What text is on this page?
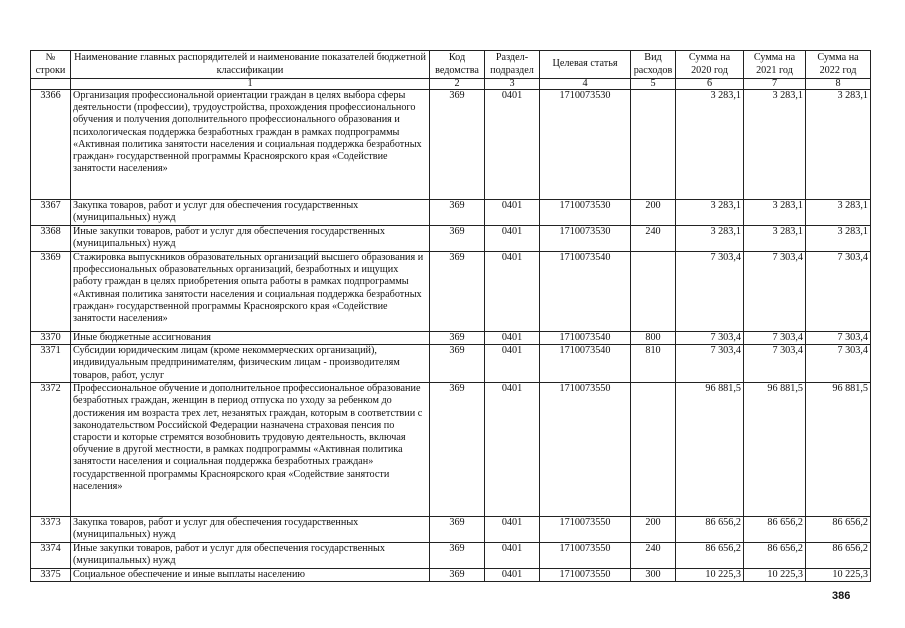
№ строки	Наименование главных распорядителей и наименование показателей бюджетной классификации	Код ведомства	Раздел-подраздел	Целевая статья	Вид расходов	Сумма на 2020 год	Сумма на 2021 год	Сумма на 2022 год
	1	2	3	4	5	6	7	8
3366	Организация профессиональной ориентации граждан в целях выбора сферы деятельности (профессии), трудоустройства, прохождения профессионального обучения и получения дополнительного профессионального образования и психологическая поддержка безработных граждан в рамках подпрограммы «Активная политика занятости населения и социальная поддержка безработных граждан» государственной программы Красноярского края «Содействие занятости населения»	369	0401	1710073530		3 283,1	3 283,1	3 283,1
3367	Закупка товаров, работ и услуг для обеспечения государственных (муниципальных) нужд	369	0401	1710073530	200	3 283,1	3 283,1	3 283,1
3368	Иные закупки товаров, работ и услуг для обеспечения государственных (муниципальных) нужд	369	0401	1710073530	240	3 283,1	3 283,1	3 283,1
3369	Стажировка выпускников образовательных организаций высшего образования и профессиональных образовательных организаций, безработных и ищущих работу граждан в целях приобретения опыта работы в рамках подпрограммы «Активная политика занятости населения и социальная поддержка безработных граждан» государственной программы Красноярского края «Содействие занятости населения»	369	0401	1710073540		7 303,4	7 303,4	7 303,4
3370	Иные бюджетные ассигнования	369	0401	1710073540	800	7 303,4	7 303,4	7 303,4
3371	Субсидии юридическим лицам (кроме некоммерческих организаций), индивидуальным предпринимателям, физическим лицам - производителям товаров, работ, услуг	369	0401	1710073540	810	7 303,4	7 303,4	7 303,4
3372	Профессиональное обучение и дополнительное профессиональное образование безработных граждан, женщин в период отпуска по уходу за ребенком до достижения им возраста трех лет, незанятых граждан, которым в соответствии с законодательством Российской Федерации назначена страховая пенсия по старости и которые стремятся возобновить трудовую деятельность, включая обучение в другой местности, в рамках подпрограммы «Активная политика занятости населения и социальная поддержка безработных граждан» государственной программы Красноярского края «Содействие занятости населения»	369	0401	1710073550		96 881,5	96 881,5	96 881,5
3373	Закупка товаров, работ и услуг для обеспечения государственных (муниципальных) нужд	369	0401	1710073550	200	86 656,2	86 656,2	86 656,2
3374	Иные закупки товаров, работ и услуг для обеспечения государственных (муниципальных) нужд	369	0401	1710073550	240	86 656,2	86 656,2	86 656,2
3375	Социальное обеспечение и иные выплаты населению	369	0401	1710073550	300	10 225,3	10 225,3	10 225,3
386
